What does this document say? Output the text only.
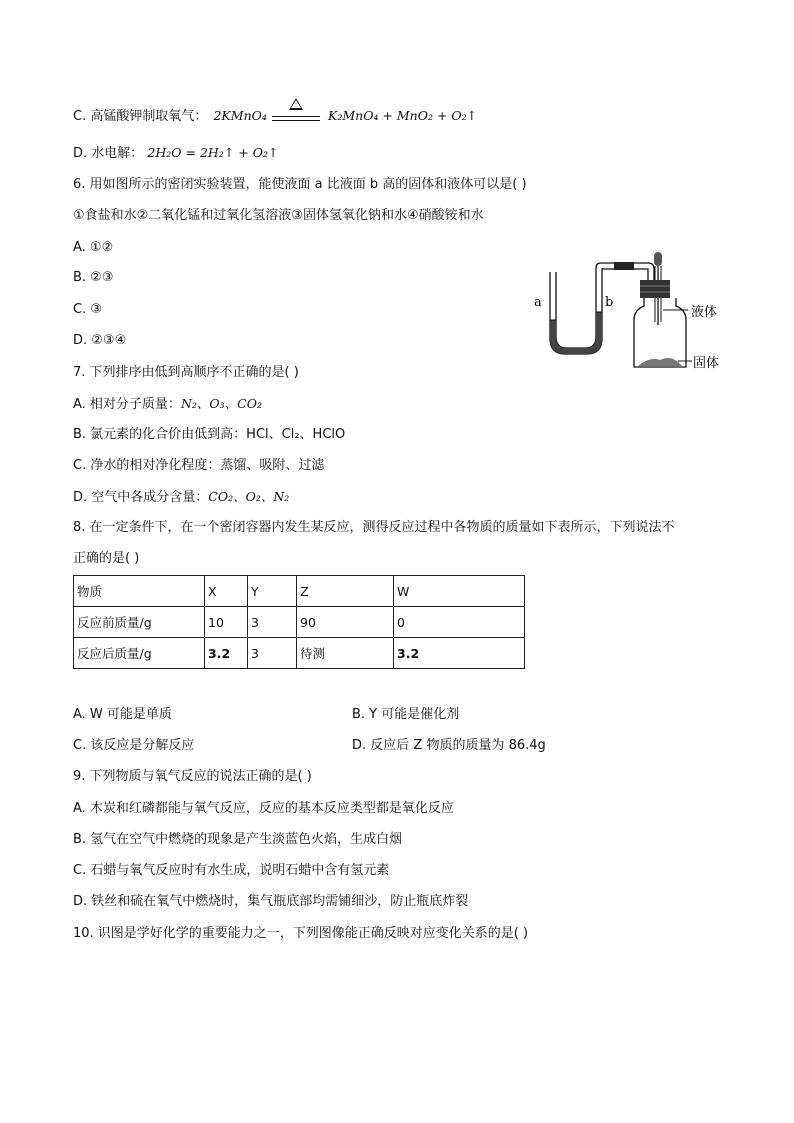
C. 高锰酸钾制取氧气： 2KMnO₄	K₂MnO₄ + MnO₂ + O₂↑
D. 水电解： 2H₂O = 2H₂↑ + O₂↑
6. 用如图所示的密闭实验装置，能使液面 a 比液面 b 高的固体和液体可以是( )
①食盐和水②二氧化锰和过氧化氢溶液③固体氢氧化钠和水④硝酸铵和水
A. ①②
B. ②③
C. ③
D. ②③④
a	b
液体
固体
7. 下列排序由低到高顺序不正确的是( )
A. 相对分子质量：N₂、O₃、CO₂
B. 氯元素的化合价由低到高：HCl、Cl₂、HClO
C. 净水的相对净化程度：蒸馏、吸附、过滤
D. 空气中各成分含量：CO₂、O₂、N₂
8. 在一定条件下，在一个密闭容器内发生某反应，测得反应过程中各物质的质量如下表所示，下列说法不
正确的是( )
物质	X	Y	Z	W
反应前质量/g	10	3	90	0
反应后质量/g	3.2	3	待测	3.2
A. W 可能是单质	B. Y 可能是催化剂
C. 该反应是分解反应	D. 反应后 Z 物质的质量为 86.4g
9. 下列物质与氧气反应的说法正确的是( )
A. 木炭和红磷都能与氧气反应，反应的基本反应类型都是氧化反应
B. 氢气在空气中燃烧的现象是产生淡蓝色火焰，生成白烟
C. 石蜡与氧气反应时有水生成，说明石蜡中含有氢元素
D. 铁丝和硫在氧气中燃烧时，集气瓶底部均需铺细沙，防止瓶底炸裂
10. 识图是学好化学的重要能力之一，下列图像能正确反映对应变化关系的是( )
